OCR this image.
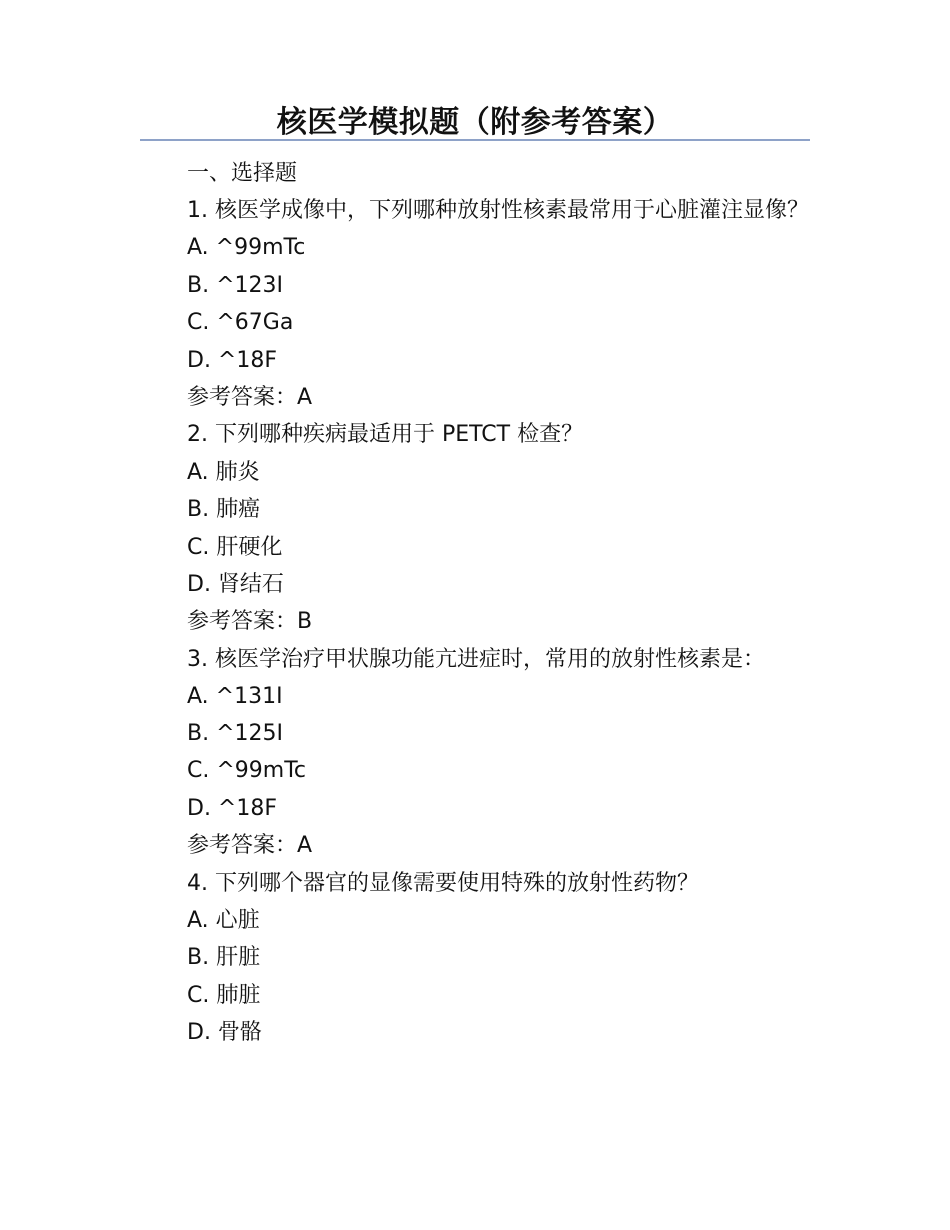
核医学模拟题（附参考答案）
一、选择题
1. 核医学成像中，下列哪种放射性核素最常用于心脏灌注显像？
A. ^99mTc
B. ^123I
C. ^67Ga
D. ^18F
参考答案：A
2. 下列哪种疾病最适用于 PETCT 检查？
A. 肺炎
B. 肺癌
C. 肝硬化
D. 肾结石
参考答案：B
3. 核医学治疗甲状腺功能亢进症时，常用的放射性核素是：
A. ^131I
B. ^125I
C. ^99mTc
D. ^18F
参考答案：A
4. 下列哪个器官的显像需要使用特殊的放射性药物？
A. 心脏
B. 肝脏
C. 肺脏
D. 骨骼
